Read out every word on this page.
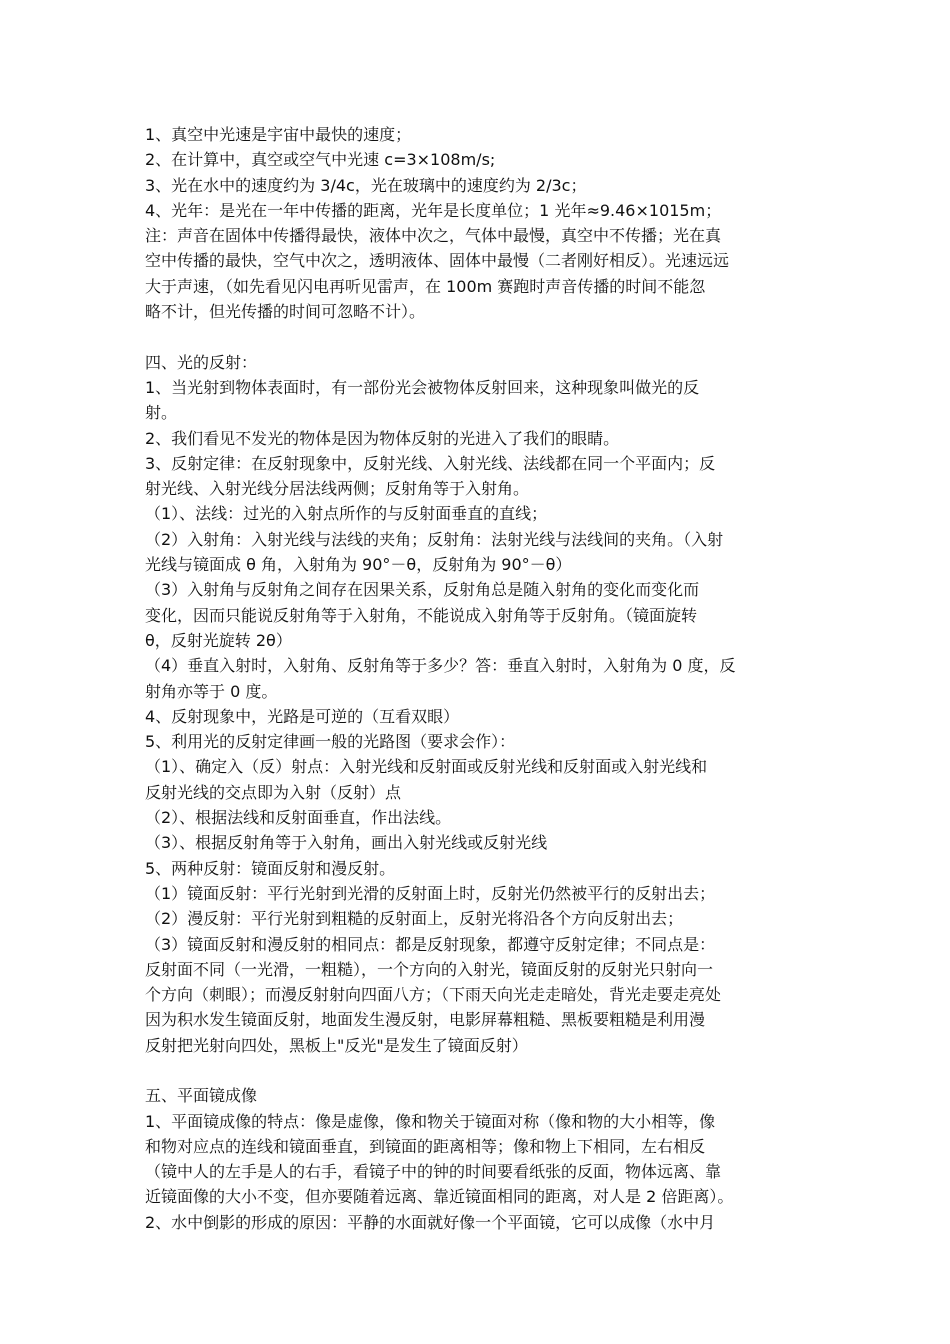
1、真空中光速是宇宙中最快的速度；
2、在计算中，真空或空气中光速 c=3×108m/s;
3、光在水中的速度约为 3/4c，光在玻璃中的速度约为 2/3c；
4、光年：是光在一年中传播的距离，光年是长度单位；1 光年≈9.46×1015m；
注：声音在固体中传播得最快，液体中次之，气体中最慢，真空中不传播；光在真
空中传播的最快，空气中次之，透明液体、固体中最慢（二者刚好相反）。光速远远
大于声速，（如先看见闪电再听见雷声，在 100m 赛跑时声音传播的时间不能忽
略不计，但光传播的时间可忽略不计）。
四、光的反射：
1、当光射到物体表面时，有一部份光会被物体反射回来，这种现象叫做光的反
射。
2、我们看见不发光的物体是因为物体反射的光进入了我们的眼睛。
3、反射定律：在反射现象中，反射光线、入射光线、法线都在同一个平面内；反
射光线、入射光线分居法线两侧；反射角等于入射角。
（1）、法线：过光的入射点所作的与反射面垂直的直线；
（2）入射角：入射光线与法线的夹角；反射角：法射光线与法线间的夹角。（入射
光线与镜面成 θ 角，入射角为 90°－θ，反射角为 90°－θ）
（3）入射角与反射角之间存在因果关系，反射角总是随入射角的变化而变化而
变化，因而只能说反射角等于入射角，不能说成入射角等于反射角。（镜面旋转
θ，反射光旋转 2θ）
（4）垂直入射时，入射角、反射角等于多少？答：垂直入射时，入射角为 0 度，反
射角亦等于 0 度。
4、反射现象中，光路是可逆的（互看双眼）
5、利用光的反射定律画一般的光路图（要求会作）：
（1）、确定入（反）射点：入射光线和反射面或反射光线和反射面或入射光线和
反射光线的交点即为入射（反射）点
（2）、根据法线和反射面垂直，作出法线。
（3）、根据反射角等于入射角，画出入射光线或反射光线
5、两种反射：镜面反射和漫反射。
（1）镜面反射：平行光射到光滑的反射面上时，反射光仍然被平行的反射出去；
（2）漫反射：平行光射到粗糙的反射面上，反射光将沿各个方向反射出去；
（3）镜面反射和漫反射的相同点：都是反射现象，都遵守反射定律；不同点是：
反射面不同（一光滑，一粗糙），一个方向的入射光，镜面反射的反射光只射向一
个方向（刺眼）；而漫反射射向四面八方；（下雨天向光走走暗处，背光走要走亮处
因为积水发生镜面反射，地面发生漫反射，电影屏幕粗糙、黑板要粗糙是利用漫
反射把光射向四处，黑板上"反光"是发生了镜面反射）
五、平面镜成像
1、平面镜成像的特点：像是虚像，像和物关于镜面对称（像和物的大小相等，像
和物对应点的连线和镜面垂直，到镜面的距离相等；像和物上下相同，左右相反
（镜中人的左手是人的右手，看镜子中的钟的时间要看纸张的反面，物体远离、靠
近镜面像的大小不变，但亦要随着远离、靠近镜面相同的距离，对人是 2 倍距离）。
2、水中倒影的形成的原因：平静的水面就好像一个平面镜，它可以成像（水中月
